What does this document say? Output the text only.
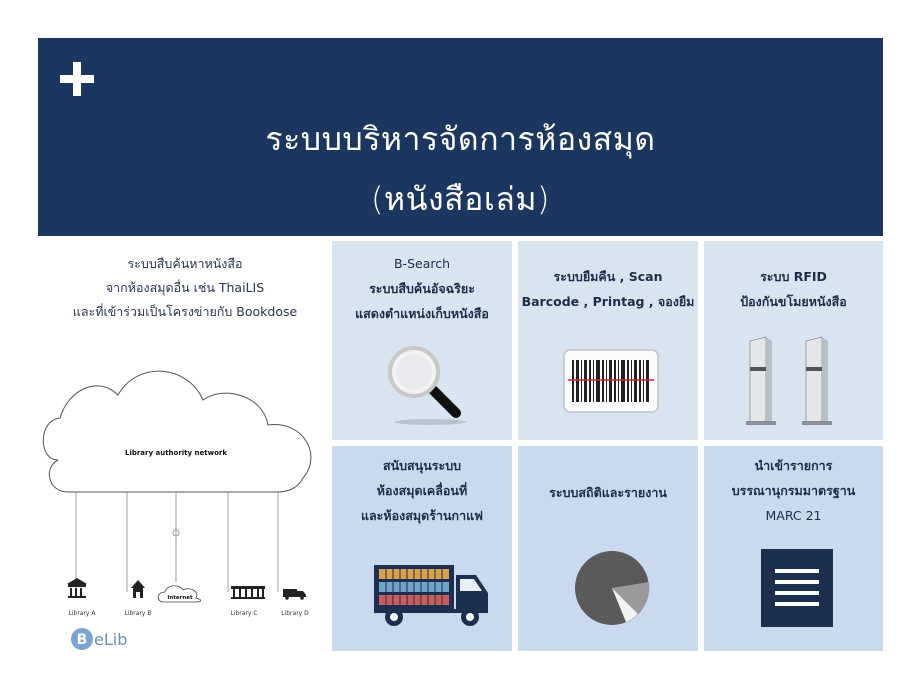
ระบบบริหารจัดการห้องสมุด
(หนังสือเล่ม)
ระบบสืบค้นหาหนังสือ
จากห้องสมุดอื่น เช่น ThaiLIS
และที่เข้าร่วมเป็นโครงข่ายกับ Bookdose
Library authority network
Internet
Library A	Library B	Library C	Library D
B eLib
B-Search
ระบบสืบค้นอัจฉริยะ
แสดงตำแหน่งเก็บหนังสือ
ระบบยืมคืน , Scan
Barcode , Printag , จองยืม
ระบบ RFID
ป้องกันขโมยหนังสือ
สนับสนุนระบบ
ห้องสมุดเคลื่อนที่
และห้องสมุดร้านกาแฟ
ระบบสถิติและรายงาน
นำเข้ารายการ
บรรณานุกรมมาตรฐาน
MARC 21
